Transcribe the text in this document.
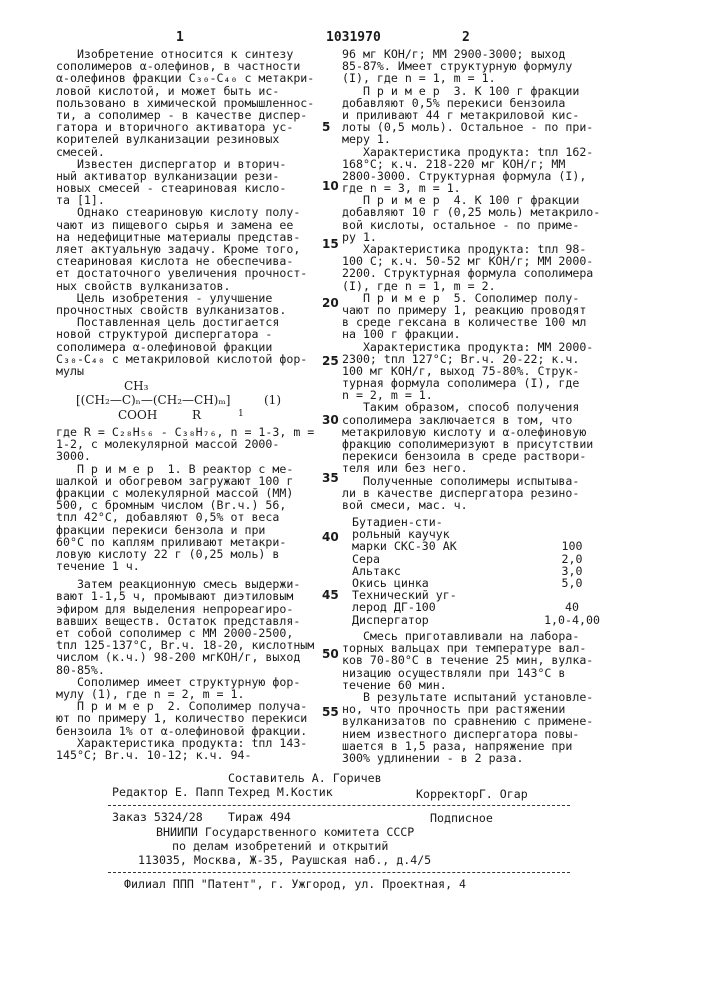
1	1031970	2
Изобретение относится к синтезу
сополимеров α-олефинов, в частности
α-олефинов фракции C₃₀-C₄₀ с метакри-
ловой кислотой, и может быть ис-
пользовано в химической промышленнос-
ти, а сополимер - в качестве диспер-
гатора и вторичного активатора ус-
корителей вулканизации резиновых
смесей.
Известен диспергатор и вторич-
ный активатор вулканизации рези-
новых смесей - стеариновая кисло-
та [1].
Однако стеариновую кислоту полу-
чают из пищевого сырья и замена ее
на недефицитные материалы представ-
ляет актуальную задачу. Кроме того,
стеариновая кислота не обеспечива-
ет достаточного увеличения прочност-
ных свойств вулканизатов.
Цель изобретения - улучшение
прочностных свойств вулканизатов.
Поставленная цель достигается
новой структурой диспергатора -
сополимера α-олефиновой фракции
C₃₀-C₄₀ с метакриловой кислотой фор-
мулы

CH₃

[(CH₂—C)ₙ—(CH₂—CH)ₘ]

COOH

	R

	1

(1)

где R = C₂₈H₅₆ - C₃₈H₇₆, n = 1-3, m =
1-2, с молекулярной массой 2000-
3000.
П р и м е р  1. В реактор с ме-
шалкой и обогревом загружают 100 г
фракции с молекулярной массой (ММ)
500, с бромным числом (Br.ч.) 56,
tпл 42°C, добавляют 0,5% от веса
фракции перекиси бензола и при
60°C по каплям приливают метакри-
ловую кислоту 22 г (0,25 моль) в
течение 1 ч.
Затем реакционную смесь выдержи-
вают 1-1,5 ч, промывают диэтиловым
эфиром для выделения непрореагиро-
вавших веществ. Остаток представля-
ет собой сополимер с ММ 2000-2500,
tпл 125-137°C, Br.ч. 18-20, кислотным
числом (к.ч.) 98-200 мгКОН/г, выход
80-85%.
Сополимер имеет структурную фор-
мулу (1), где n = 2, m = 1.
П р и м е р  2. Сополимер получа-
ют по примеру 1, количество перекиси
бензоила 1% от α-олефиновой фракции.
Характеристика продукта: tпл 143-
145°C; Br.ч. 10-12; к.ч. 94-
5
10
15
20
25
30
35
40
45
50
55
96 мг КОН/г; ММ 2900-3000; выход
85-87%. Имеет структурную формулу
(I), где n = 1, m = 1.
П р и м е р  3. К 100 г фракции
добавляют 0,5% перекиси бензоила
и приливают 44 г метакриловой кис-
лоты (0,5 моль). Остальное - по при-
меру 1.
Характеристика продукта: tпл 162-
168°C; к.ч. 218-220 мг КОН/г; ММ
2800-3000. Структурная формула (I),
где n = 3, m = 1.
П р и м е р  4. К 100 г фракции
добавляют 10 г (0,25 моль) метакрило-
вой кислоты, остальное - по приме-
ру 1.
Характеристика продукта: tпл 98-
100 C; к.ч. 50-52 мг КОН/г; ММ 2000-
2200. Структурная формула сополимера
(I), где n = 1, m = 2.
П р и м е р  5. Сополимер полу-
чают по примеру 1, реакцию проводят
в среде гексана в количестве 100 мл
на 100 г фракции.
Характеристика продукта: ММ 2000-
2300; tпл 127°C; Br.ч. 20-22; к.ч.
100 мг КОН/г, выход 75-80%. Струк-
турная формула сополимера (I), где
n = 2, m = 1.
Таким образом, способ получения
сополимера заключается в том, что
метакриловую кислоту и α-олефиновую
фракцию сополимеризуют в присутствии
перекиси бензоила в среде раствори-
теля или без него.
Полученные сополимеры испытыва-
ли в качестве диспергатора резино-
вой смеси, мас. ч.
Бутадиен-сти-
рольный каучук
марки СКС-30 АК	100
Сера	2,0
Альтакс	3,0
Окись цинка	5,0
Технический уг-
лерод ДГ-100	40
Диспергатор	1,0-4,00
Смесь приготавливали на лабора-
торных вальцах при температуре вал-
ков 70-80°C в течение 25 мин, вулка-
низацию осуществляли при 143°C в
течение 60 мин.
В результате испытаний установле-
но, что прочность при растяжении
вулканизатов по сравнению с примене-
нием известного диспергатора повы-
шается в 1,5 раза, напряжение при
300% удлинении - в 2 раза.
Составитель А. Горичев
Редактор Е. Папп Техред М.Костик	КорректорГ. Огар
Заказ 5324/28 Тираж 494	Подписное
ВНИИПИ Государственного комитета СССР
по делам изобретений и открытий
113035, Москва, Ж-35, Раушская наб., д.4/5
Филиал ППП "Патент", г. Ужгород, ул. Проектная, 4
